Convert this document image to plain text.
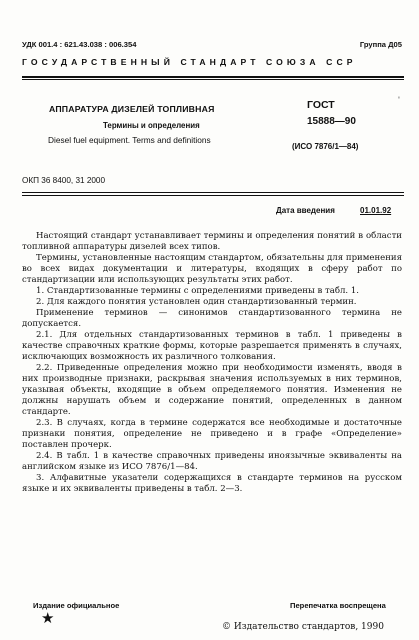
УДК 001.4 : 621.43.038 : 006.354	Группа Д05
ГОСУДАРСТВЕННЫЙ СТАНДАРТ СОЮЗА ССР
АППАРАТУРА ДИЗЕЛЕЙ ТОПЛИВНАЯ
Термины и определения
Diesel fuel equipment. Terms and definitions
'
ГОСТ
15888—90
(ИСО 7876/1—84)
ОКП 36 8400, 31 2000
Дата введения	01.01.92

Настоящий стандарт устанавливает термины и определения понятий в области топливной аппаратуры дизелей всех типов.

Термины, установленные настоящим стандартом, обязательны для применения во всех видах документации и литературы, входящих в сферу работ по стандартизации или использующих результаты этих работ.

1. Стандартизованные термины с определениями приведены в табл. 1.

2. Для каждого понятия установлен один стандартизованный термин.

Применение терминов — синонимов стандартизованного термина не допускается.

2.1. Для отдельных стандартизованных терминов в табл. 1 приведены в качестве справочных краткие формы, которые разрешается применять в случаях, исключающих возможность их различного толкования.

2.2. Приведенные определения можно при необходимости изменять, вводя в них производные признаки, раскрывая значения используемых в них терминов, указывая объекты, входящие в объем определяемого понятия. Изменения не должны нарушать объем и содержание понятий, определенных в данном стандарте.

2.3. В случаях, когда в термине содержатся все необходимые и достаточные признаки понятия, определение не приведено и в графе «Определение» поставлен прочерк.

2.4. В табл. 1 в качестве справочных приведены иноязычные эквиваленты на английском языке из ИСО 7876/1—84.

3. Алфавитные указатели содержащихся в стандарте терминов на русском языке и их эквиваленты приведены в табл. 2—3.

Издание официальное	Перепечатка воспрещена
★	© Издательство стандартов, 1990
